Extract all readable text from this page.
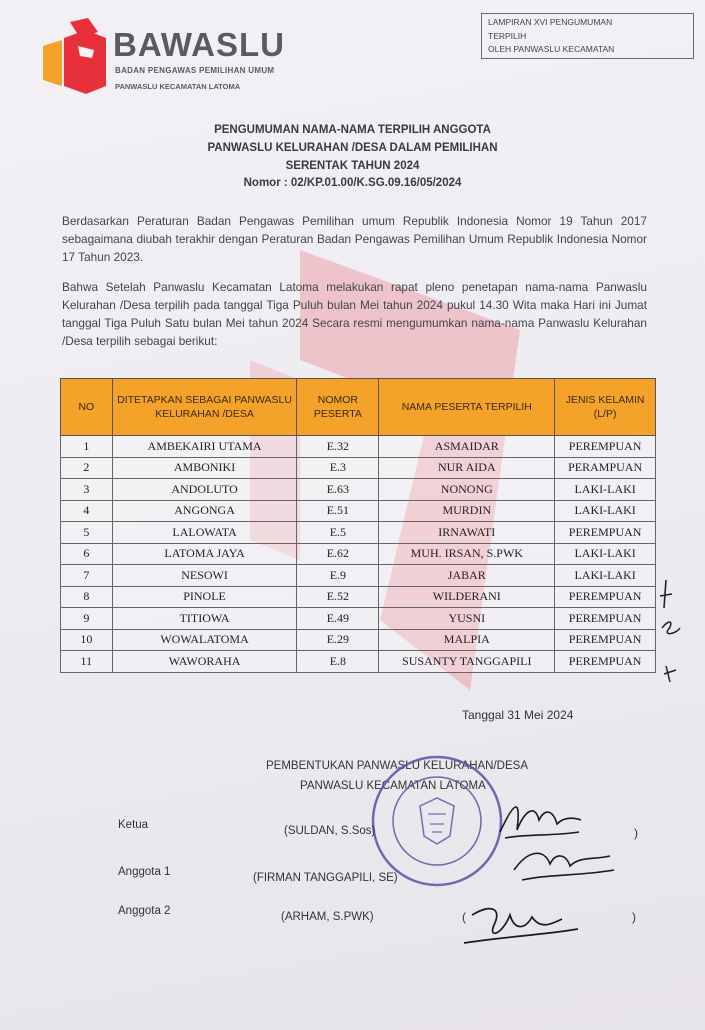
BAWASLU
BADAN PENGAWAS PEMILIHAN UMUM
PANWASLU KECAMATAN LATOMA
LAMPIRAN XVI PENGUMUMAN
TERPILIH
OLEH PANWASLU KECAMATAN
PENGUMUMAN NAMA-NAMA TERPILIH ANGGOTA
PANWASLU KELURAHAN /DESA DALAM PEMILIHAN
SERENTAK TAHUN 2024
Nomor : 02/KP.01.00/K.SG.09.16/05/2024
Berdasarkan Peraturan Badan Pengawas Pemilihan umum Republik Indonesia Nomor 19 Tahun 2017 sebagaimana diubah terakhir dengan Peraturan Badan Pengawas Pemilihan Umum Republik Indonesia Nomor 17 Tahun 2023.
Bahwa Setelah Panwaslu Kecamatan Latoma melakukan rapat pleno penetapan nama-nama Panwaslu Kelurahan /Desa terpilih pada tanggal Tiga Puluh bulan Mei tahun 2024 pukul 14.30 Wita maka Hari ini Jumat tanggal Tiga Puluh Satu bulan Mei tahun 2024 Secara resmi mengumumkan nama-nama Panwaslu Kelurahan /Desa terpilih sebagai berikut:
NO	DITETAPKAN SEBAGAI PANWASLU KELURAHAN /DESA	NOMOR PESERTA	NAMA PESERTA TERPILIH	JENIS KELAMIN (L/P)
1	AMBEKAIRI UTAMA	E.32	ASMAIDAR	PEREMPUAN
2	AMBONIKI	E.3	NUR AIDA	PERAMPUAN
3	ANDOLUTO	E.63	NONONG	LAKI-LAKI
4	ANGONGA	E.51	MURDIN	LAKI-LAKI
5	LALOWATA	E.5	IRNAWATI	PEREMPUAN
6	LATOMA JAYA	E.62	MUH. IRSAN, S.PWK	LAKI-LAKI
7	NESOWI	E.9	JABAR	LAKI-LAKI
8	PINOLE	E.52	WILDERANI	PEREMPUAN
9	TITIOWA	E.49	YUSNI	PEREMPUAN
10	WOWALATOMA	E.29	MALPIA	PEREMPUAN
11	WAWORAHA	E.8	SUSANTY TANGGAPILI	PEREMPUAN
Tanggal 31 Mei 2024
PEMBENTUKAN PANWASLU KELURAHAN/DESA
PANWASLU KECAMATAN LATOMA
Ketua	(SULDAN, S.Sos)	)
Anggota 1	(FIRMAN TANGGAPILI, SE)
Anggota 2	(ARHAM, S.PWK)	(	)
